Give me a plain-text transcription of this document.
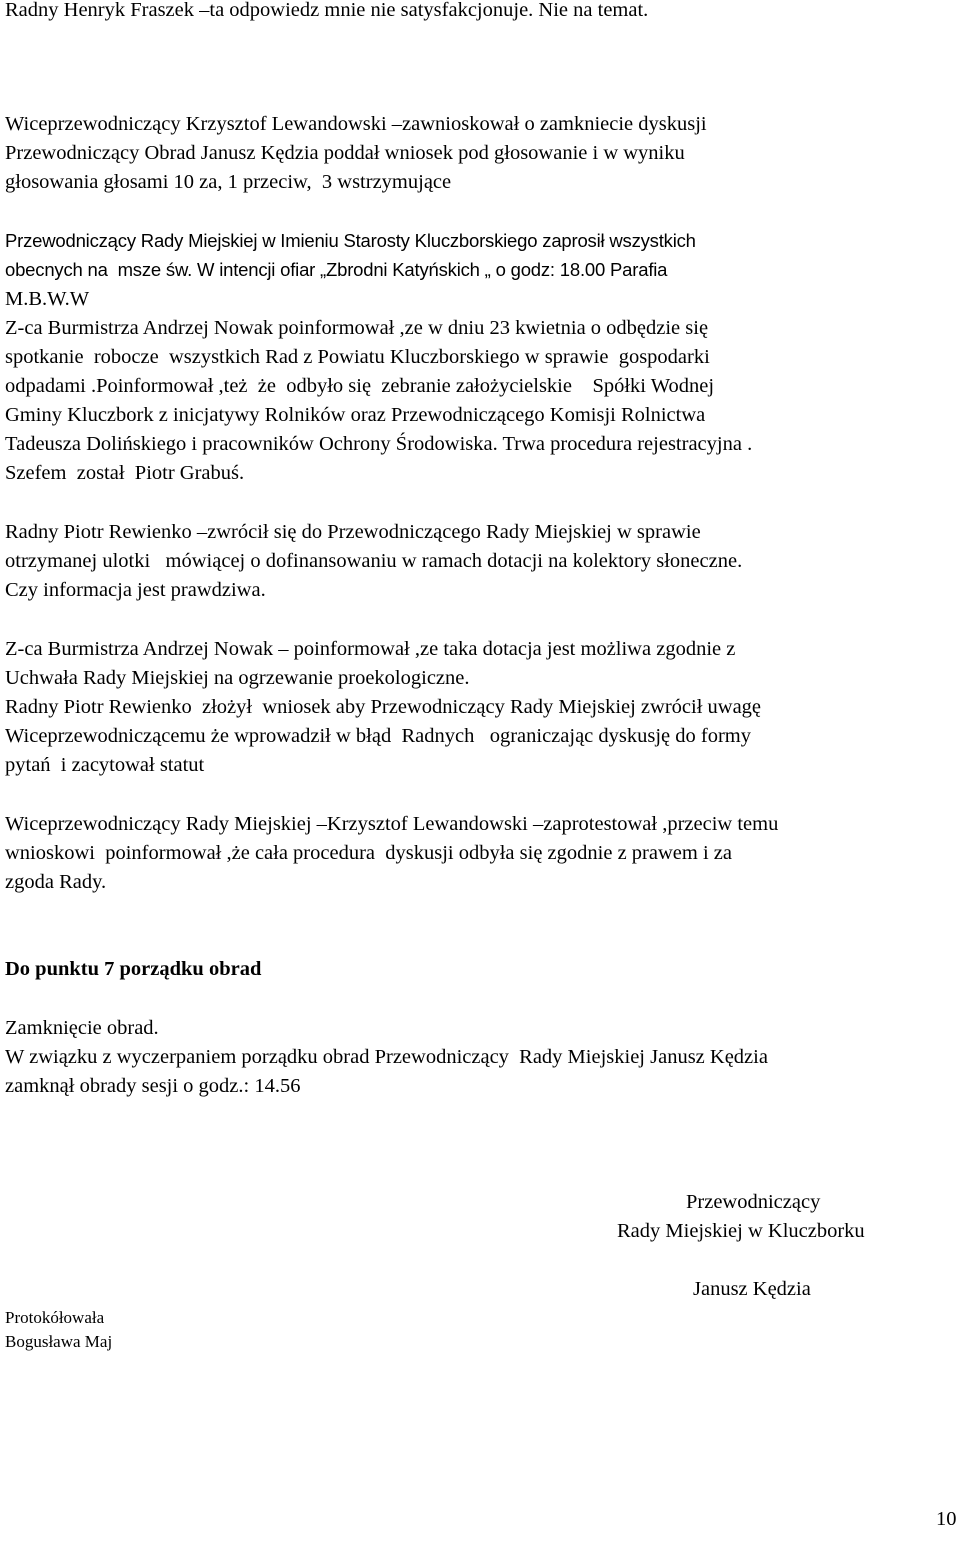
Radny Henryk Fraszek –ta odpowiedz mnie nie satysfakcjonuje. Nie na temat.
Wiceprzewodniczący Krzysztof Lewandowski –zawnioskował o zamkniecie dyskusji
Przewodniczący Obrad Janusz Kędzia poddał wniosek pod głosowanie i w wyniku
głosowania głosami 10 za, 1 przeciw,  3 wstrzymujące
Przewodniczący Rady Miejskiej w Imieniu Starosty Kluczborskiego zaprosił wszystkich
obecnych na  msze św. W intencji ofiar „Zbrodni Katyńskich „ o godz: 18.00 Parafia
M.B.W.W
Z-ca Burmistrza Andrzej Nowak poinformował ,ze w dniu 23 kwietnia o odbędzie się
spotkanie  robocze  wszystkich Rad z Powiatu Kluczborskiego w sprawie  gospodarki
odpadami .Poinformował ,też  że  odbyło się  zebranie założycielskie    Spółki Wodnej
Gminy Kluczbork z inicjatywy Rolników oraz Przewodniczącego Komisji Rolnictwa
Tadeusza Dolińskiego i pracowników Ochrony Środowiska. Trwa procedura rejestracyjna .
Szefem  został  Piotr Grabuś.
Radny Piotr Rewienko –zwrócił się do Przewodniczącego Rady Miejskiej w sprawie
otrzymanej ulotki   mówiącej o dofinansowaniu w ramach dotacji na kolektory słoneczne.
Czy informacja jest prawdziwa.
Z-ca Burmistrza Andrzej Nowak – poinformował ,ze taka dotacja jest możliwa zgodnie z
Uchwała Rady Miejskiej na ogrzewanie proekologiczne.
Radny Piotr Rewienko  złożył  wniosek aby Przewodniczący Rady Miejskiej zwrócił uwagę
Wiceprzewodniczącemu że wprowadził w błąd  Radnych   ograniczając dyskusję do formy
pytań  i zacytował statut
Wiceprzewodniczący Rady Miejskiej –Krzysztof Lewandowski –zaprotestował ,przeciw temu
wnioskowi  poinformował ,że cała procedura  dyskusji odbyła się zgodnie z prawem i za
zgoda Rady.
Do punktu 7 porządku obrad
Zamknięcie obrad.
W związku z wyczerpaniem porządku obrad Przewodniczący  Rady Miejskiej Janusz Kędzia
zamknął obrady sesji o godz.: 14.56
Przewodniczący
Rady Miejskiej w Kluczborku
Janusz Kędzia
Protokółowała
Bogusława Maj
10
